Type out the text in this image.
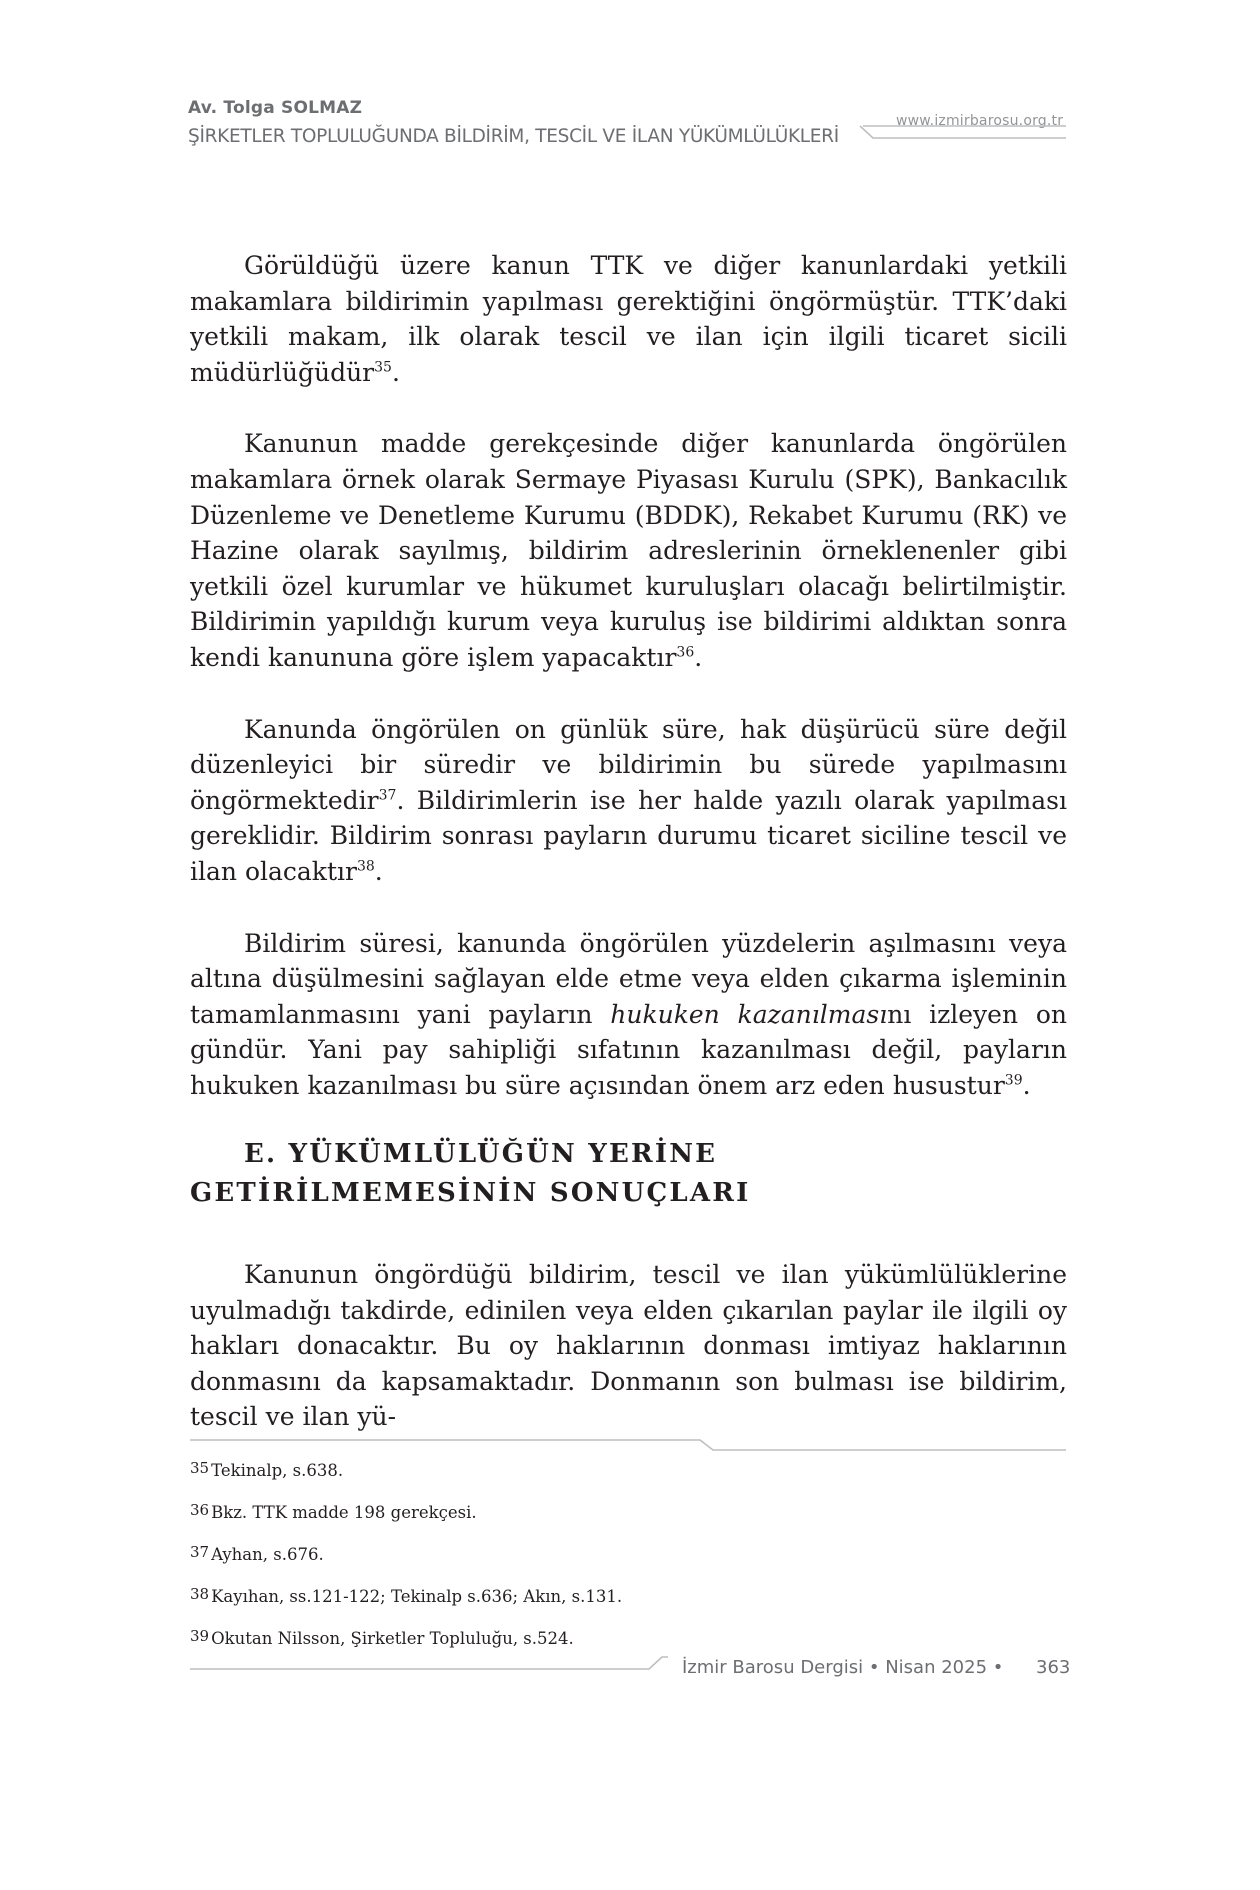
Av. Tolga SOLMAZ
ŞİRKETLER TOPLULUĞUNDA BİLDİRİM, TESCİL VE İLAN YÜKÜMLÜLÜKLERİ
www.izmirbarosu.org.tr

Görüldüğü üzere kanun TTK ve diğer kanunlardaki yetkili makamlara bildirimin yapılması gerektiğini öngörmüştür. TTK’daki yetkili makam, ilk olarak tescil ve ilan için ilgili ticaret sicili müdürlüğüdür$^{35}$.

Kanunun madde gerekçesinde diğer kanunlarda öngörülen makamlara örnek olarak Sermaye Piyasası Kurulu (SPK), Bankacılık Düzenleme ve Denetleme Kurumu (BDDK), Rekabet Kurumu (RK) ve Hazine olarak sayılmış, bildirim adreslerinin örneklenenler gibi yetkili özel kurumlar ve hükumet kuruluşları olacağı belirtilmiştir. Bildirimin yapıldığı kurum veya kuruluş ise bildirimi aldıktan sonra kendi kanununa göre işlem yapacaktır$^{36}$.

Kanunda öngörülen on günlük süre, hak düşürücü süre değil düzenleyici bir süredir ve bildirimin bu sürede yapılmasını öngörmektedir$^{37}$. Bildirimlerin ise her halde yazılı olarak yapılması gereklidir. Bildirim sonrası payların durumu ticaret siciline tescil ve ilan olacaktır$^{38}$.

Bildirim süresi, kanunda öngörülen yüzdelerin aşılmasını veya altına düşülmesini sağlayan elde etme veya elden çıkarma işleminin tamamlanmasını yani payların hukuken kazanılmasını izleyen on gündür. Yani pay sahipliği sıfatının kazanılması değil, payların hukuken kazanılması bu süre açısından önem arz eden husustur$^{39}$.

E. YÜKÜMLÜLÜĞÜN YERİNE GETİRİLMEMESİNİN SONUÇLARI

Kanunun öngördüğü bildirim, tescil ve ilan yükümlülüklerine uyulmadığı takdirde, edinilen veya elden çıkarılan paylar ile ilgili oy hakları donacaktır. Bu oy haklarının donması imtiyaz haklarının donmasını da kapsamaktadır. Donmanın son bulması ise bildirim, tescil ve ilan yü-

35 Tekinalp, s.638.
36 Bkz. TTK madde 198 gerekçesi.
37 Ayhan, s.676.
38 Kayıhan, ss.121-122; Tekinalp s.636; Akın, s.131.
39 Okutan Nilsson, Şirketler Topluluğu, s.524.
İzmir Barosu Dergisi • Nisan 2025 • 363
